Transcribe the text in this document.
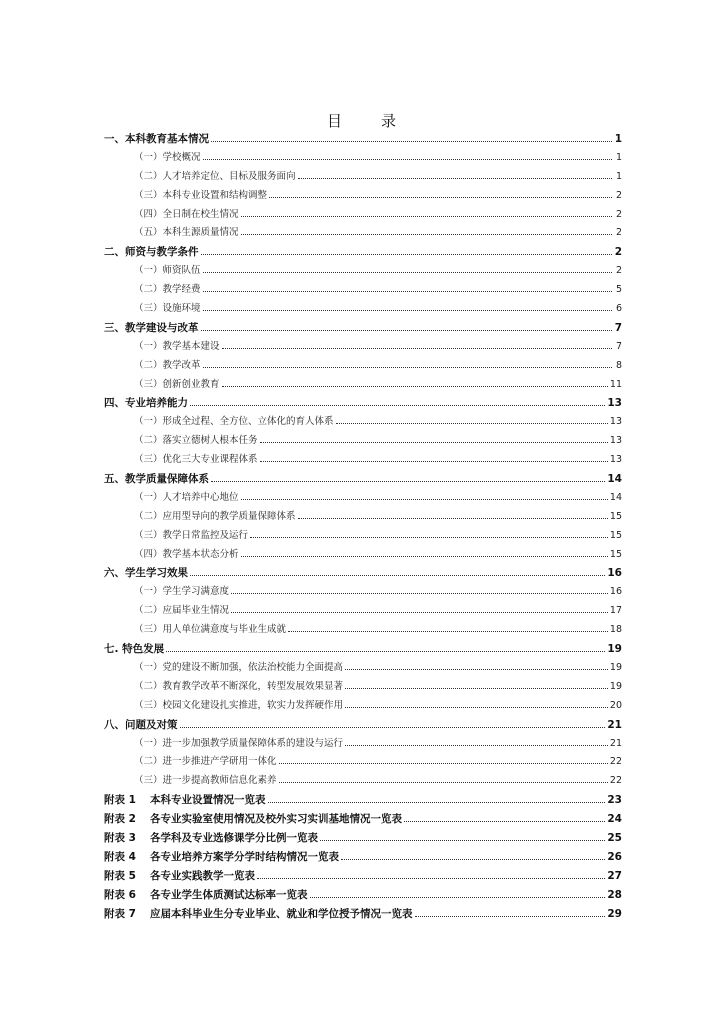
目	录
一、本科教育基本情况	1
（一）学校概况	1
（二）人才培养定位、目标及服务面向	1
（三）本科专业设置和结构调整	2
（四）全日制在校生情况	2
（五）本科生源质量情况	2
二、师资与教学条件	2
（一）师资队伍	2
（二）教学经费	5
（三）设施环境	6
三、教学建设与改革	7
（一）教学基本建设	7
（二）教学改革	8
（三）创新创业教育	11
四、专业培养能力	13
（一）形成全过程、全方位、立体化的育人体系	13
（二）落实立德树人根本任务	13
（三）优化三大专业课程体系	13
五、教学质量保障体系	14
（一）人才培养中心地位	14
（二）应用型导向的教学质量保障体系	15
（三）教学日常监控及运行	15
（四）教学基本状态分析	15
六、学生学习效果	16
（一）学生学习满意度	16
（二）应届毕业生情况	17
（三）用人单位满意度与毕业生成就	18
七. 特色发展	19
（一）党的建设不断加强，依法治校能力全面提高	19
（二）教育教学改革不断深化，转型发展效果显著	19
（三）校园文化建设扎实推进，软实力发挥硬作用	20
八、问题及对策	21
（一）进一步加强教学质量保障体系的建设与运行	21
（二）进一步推进产学研用一体化	22
（三）进一步提高教师信息化素养	22
附表 1 本科专业设置情况一览表	23
附表 2 各专业实验室使用情况及校外实习实训基地情况一览表	24
附表 3 各学科及专业选修课学分比例一览表	25
附表 4 各专业培养方案学分学时结构情况一览表	26
附表 5 各专业实践教学一览表	27
附表 6 各专业学生体质测试达标率一览表	28
附表 7 应届本科毕业生分专业毕业、就业和学位授予情况一览表	29
